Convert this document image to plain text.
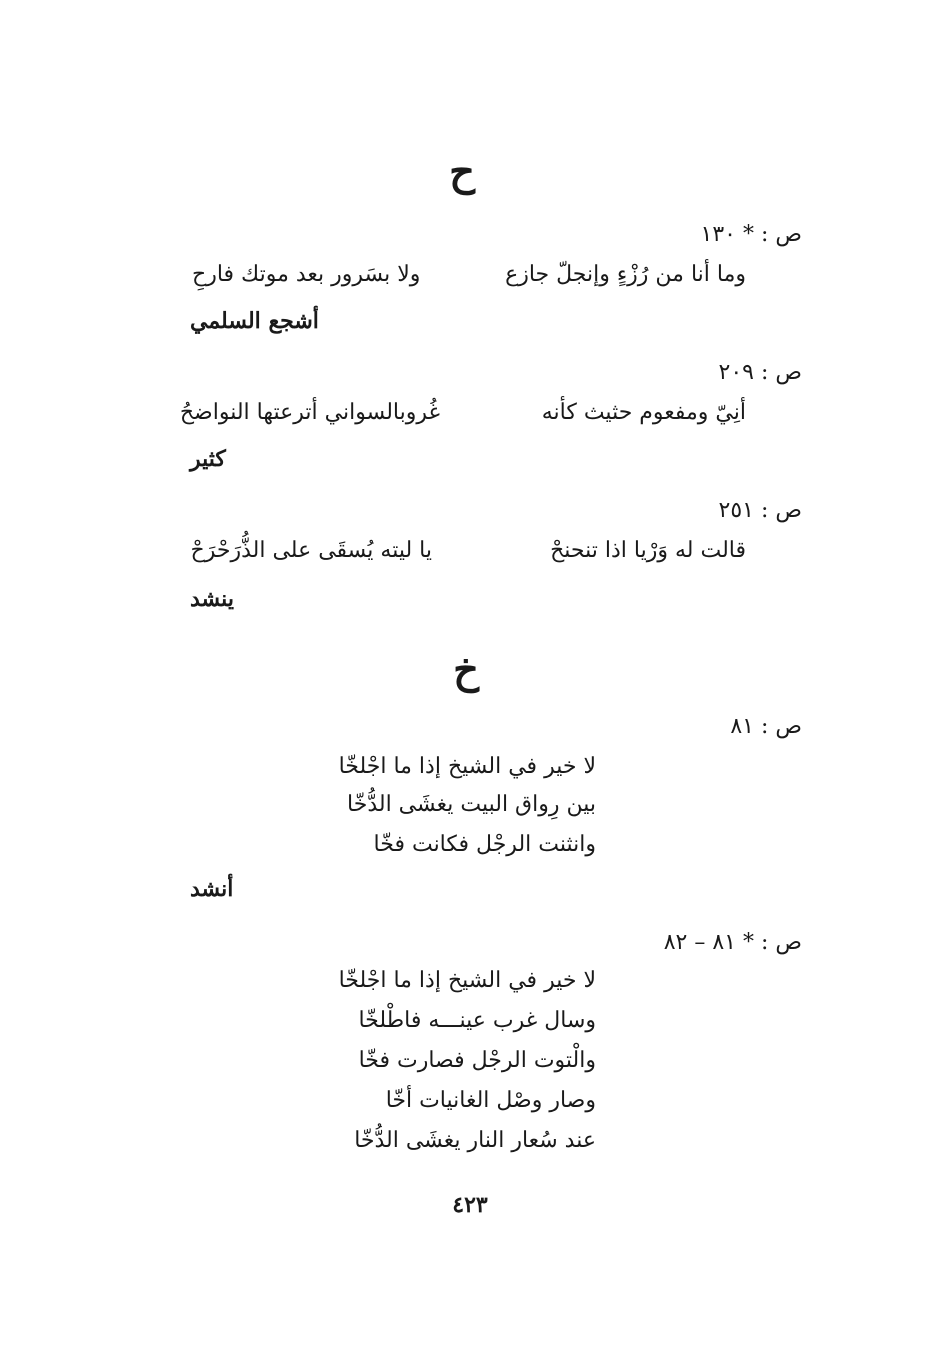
ح
ص : * ١٣٠
وما أنا من رُزْءٍ وإنجلّ جازع
ولا بسَرور بعد موتك فارحِ
أشجع السلمي
ص : ٢٠٩
أنِيّ ومفعوم حثيث كأنه
غُروبالسواني أترعتها النواضحُ
كثير
ص : ٢٥١
قالت له وَرْيا اذا تنحنحْ
يا ليته يُسقَى على الذُّرَحْرَحْ
ينشد
خ
ص : ٨١
لا خير في الشيخ إذا ما اجْلخّا
بين رِواق البيت يغشَى الدُّخّا
وانثنت الرجْل فكانت فخّا
أنشد
ص : * ٨١ – ٨٢
لا خير في الشيخ إذا ما اجْلخّا
وسال غرب عينـــه فاطْلخّا
والْتوت الرجْل فصارت فخّا
وصار وصْل الغانيات أخّا
عند سُعار النار يغشَى الدُّخّا
٤٢٣
